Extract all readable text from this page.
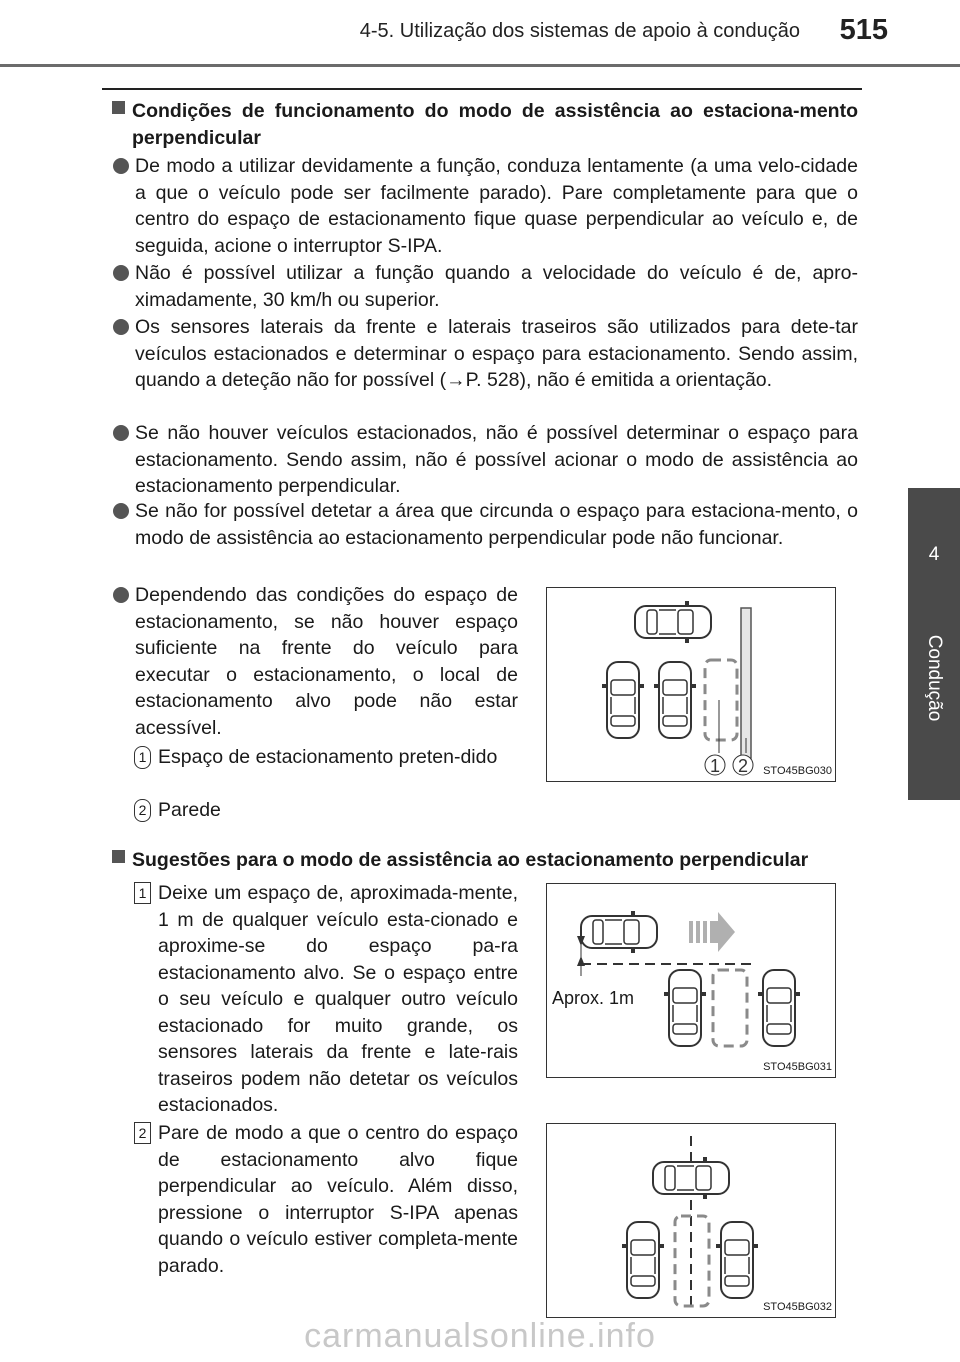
4-5. Utilização dos sistemas de apoio à condução 515
4
Condução
Condições de funcionamento do modo de assistência ao estaciona-mento perpendicular
De modo a utilizar devidamente a função, conduza lentamente (a uma velo-cidade a que o veículo pode ser facilmente parado). Pare completamente para que o centro do espaço de estacionamento fique quase perpendicular ao veículo e, de seguida, acione o interruptor S-IPA.
Não é possível utilizar a função quando a velocidade do veículo é de, apro-ximadamente, 30 km/h ou superior.
Os sensores laterais da frente e laterais traseiros são utilizados para dete-tar veículos estacionados e determinar o espaço para estacionamento. Sendo assim, quando a deteção não for possível (→P. 528), não é emitida a orientação.
Se não houver veículos estacionados, não é possível determinar o espaço para estacionamento. Sendo assim, não é possível acionar o modo de assistência ao estacionamento perpendicular.
Se não for possível detetar a área que circunda o espaço para estaciona-mento, o modo de assistência ao estacionamento perpendicular pode não funcionar.
Dependendo das condições do espaço de estacionamento, se não houver espaço suficiente na frente do veículo para executar o estacionamento, o local de estacionamento alvo pode não estar acessível.
1 Espaço de estacionamento preten-dido
2 Parede
1 2 STO45BG030
Sugestões para o modo de assistência ao estacionamento perpendicular
1 Deixe um espaço de, aproximada-mente, 1 m de qualquer veículo esta-cionado e aproxime-se do espaço pa-ra estacionamento alvo. Se o espaço entre o seu veículo e qualquer outro veículo estacionado for muito grande, os sensores laterais da frente e late-rais traseiros podem não detetar os veículos estacionados.
Aprox. 1m
STO45BG031
2 Pare de modo a que o centro do espaço de estacionamento alvo fique perpendicular ao veículo. Além disso, pressione o interruptor S-IPA apenas quando o veículo estiver completa-mente parado.
STO45BG032
carmanualsonline.info
